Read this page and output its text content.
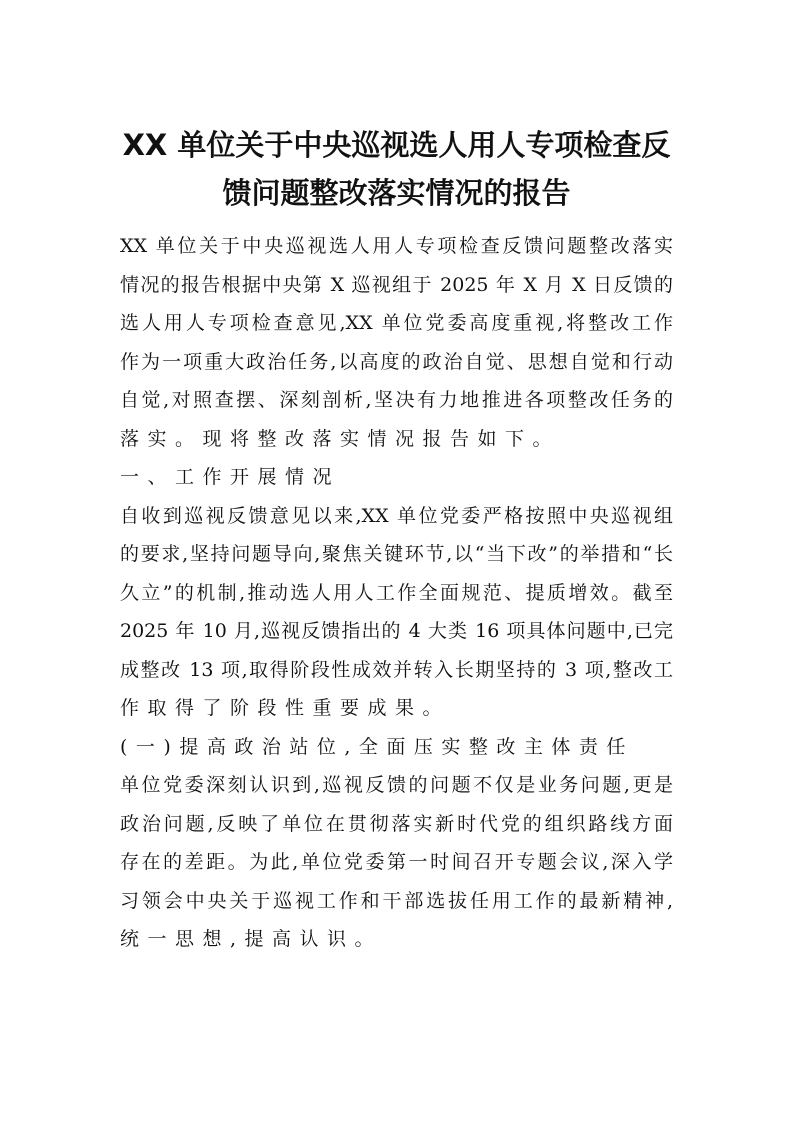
XX 单位关于中央巡视选人用人专项检查反
馈问题整改落实情况的报告
XX 单位关于中央巡视选人用人专项检查反馈问题整改落实
情况的报告根据中央第 X 巡视组于 2025 年 X 月 X 日反馈的
选人用人专项检查意见,XX 单位党委高度重视,将整改工作
作为一项重大政治任务,以高度的政治自觉、思想自觉和行动
自觉,对照查摆、深刻剖析,坚决有力地推进各项整改任务的
落实。现将整改落实情况报告如下。
一、工作开展情况
自收到巡视反馈意见以来,XX 单位党委严格按照中央巡视组
的要求,坚持问题导向,聚焦关键环节,以“当下改”的举措和“长
久立”的机制,推动选人用人工作全面规范、提质增效。截至
2025 年 10 月,巡视反馈指出的 4 大类 16 项具体问题中,已完
成整改 13 项,取得阶段性成效并转入长期坚持的 3 项,整改工
作取得了阶段性重要成果。
(一)提高政治站位,全面压实整改主体责任
单位党委深刻认识到,巡视反馈的问题不仅是业务问题,更是
政治问题,反映了单位在贯彻落实新时代党的组织路线方面
存在的差距。为此,单位党委第一时间召开专题会议,深入学
习领会中央关于巡视工作和干部选拔任用工作的最新精神,
统一思想,提高认识。
